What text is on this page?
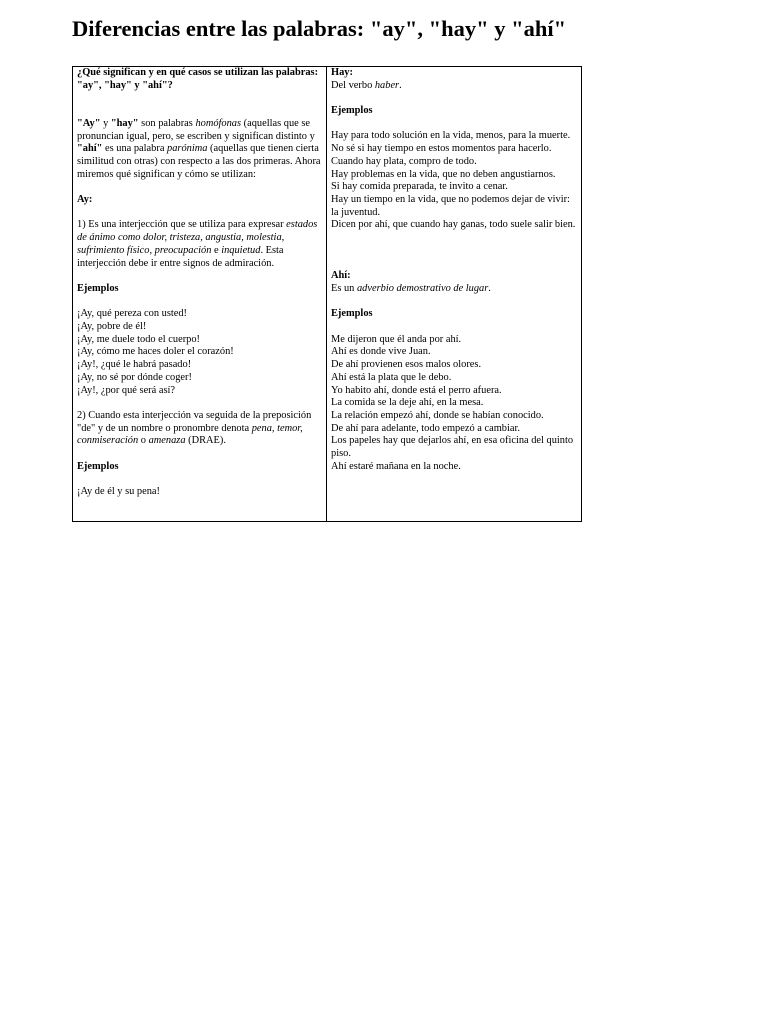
Diferencias entre las palabras: "ay", "hay" y "ahí"
¿Qué significan y en qué casos se utilizan las palabras: "ay", "hay" y "ahí"?
"Ay" y "hay" son palabras homófonas (aquellas que se pronuncian igual, pero, se escriben y significan distinto y "ahí" es una palabra parónima (aquellas que tienen cierta similitud con otras) con respecto a las dos primeras. Ahora miremos qué significan y cómo se utilizan:
Ay:
1) Es una interjección que se utiliza para expresar estados de ánimo como dolor, tristeza, angustia, molestia, sufrimiento físico, preocupación e inquietud. Esta interjección debe ir entre signos de admiración.
Ejemplos
¡Ay, qué pereza con usted!
¡Ay, pobre de él!
¡Ay, me duele todo el cuerpo!
¡Ay, cómo me haces doler el corazón!
¡Ay!, ¿qué le habrá pasado!
¡Ay, no sé por dónde coger!
¡Ay!, ¿por qué será así?
2) Cuando esta interjección va seguida de la preposición "de" y de un nombre o pronombre denota pena, temor, conmiseración o amenaza (DRAE).
Ejemplos
¡Ay de él y su pena!

Hay:
Del verbo haber.
Ejemplos
Hay para todo solución en la vida, menos, para la muerte.
No sé si hay tiempo en estos momentos para hacerlo.
Cuando hay plata, compro de todo.
Hay problemas en la vida, que no deben angustiarnos.
Si hay comida preparada, te invito a cenar.
Hay un tiempo en la vida, que no podemos dejar de vivir: la juventud.
Dicen por ahí, que cuando hay ganas, todo suele salir bien.
Ahí:
Es un adverbio demostrativo de lugar.
Ejemplos
Me dijeron que él anda por ahí.
Ahí es donde vive Juan.
De ahí provienen esos malos olores.
Ahí está la plata que le debo.
Yo habito ahí, donde está el perro afuera.
La comida se la deje ahí, en la mesa.
La relación empezó ahí, donde se habían conocido.
De ahí para adelante, todo empezó a cambiar.
Los papeles hay que dejarlos ahí, en esa oficina del quinto piso.
Ahí estaré mañana en la noche.
